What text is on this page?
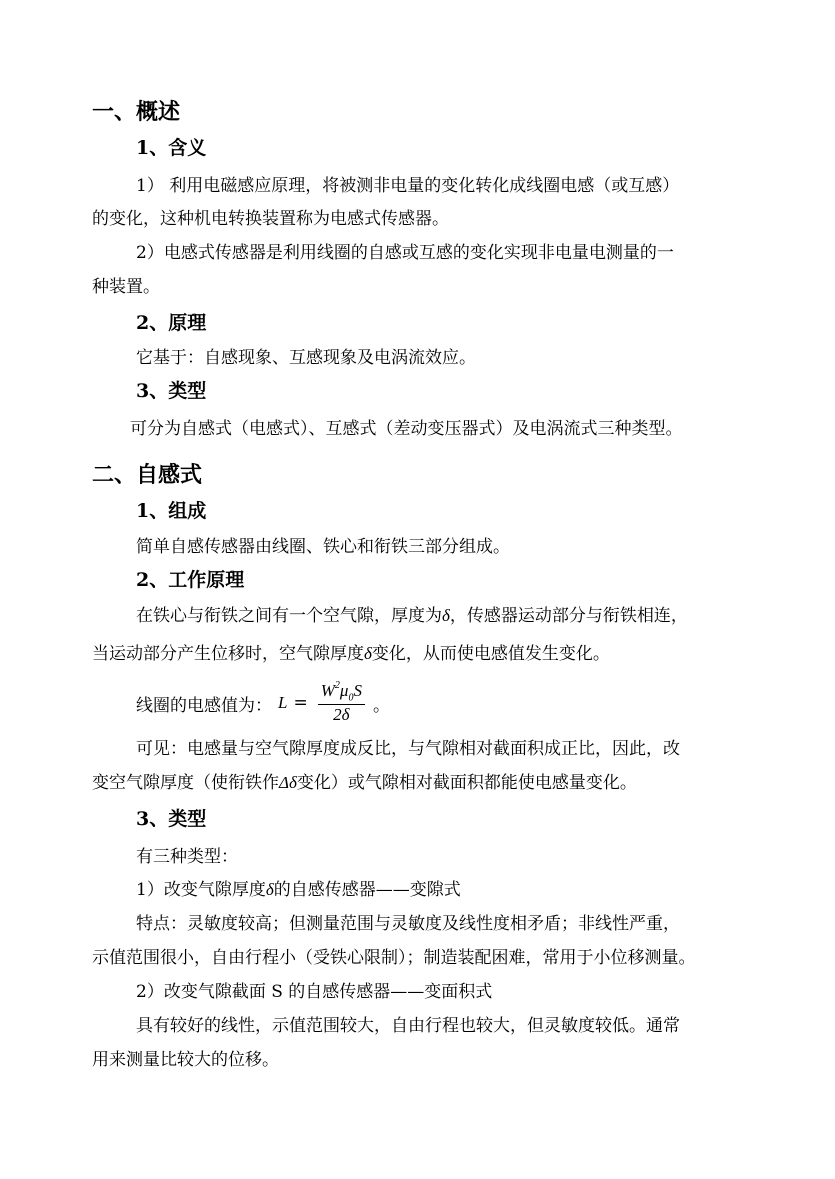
一、概述
1、含义
1） 利用电磁感应原理，将被测非电量的变化转化成线圈电感（或互感）
的变化，这种机电转换装置称为电感式传感器。
2）电感式传感器是利用线圈的自感或互感的变化实现非电量电测量的一
种装置。
2、原理
它基于：自感现象、互感现象及电涡流效应。
3、类型
可分为自感式（电感式）、互感式（差动变压器式）及电涡流式三种类型。
二、自感式
1、组成
简单自感传感器由线圈、铁心和衔铁三部分组成。
2、工作原理
在铁心与衔铁之间有一个空气隙，厚度为δ，传感器运动部分与衔铁相连，
当运动部分产生位移时，空气隙厚度δ变化，从而使电感值发生变化。
线圈的电感值为： $L = \frac{W^2\mu_0S}{2\delta}$ 。
可见：电感量与空气隙厚度成反比，与气隙相对截面积成正比，因此，改
变空气隙厚度（使衔铁作Δδ变化）或气隙相对截面积都能使电感量变化。
3、类型
有三种类型：
1）改变气隙厚度δ的自感传感器——变隙式
特点：灵敏度较高；但测量范围与灵敏度及线性度相矛盾；非线性严重，
示值范围很小，自由行程小（受铁心限制）；制造装配困难，常用于小位移测量。
2）改变气隙截面 S 的自感传感器——变面积式
具有较好的线性，示值范围较大，自由行程也较大，但灵敏度较低。通常
用来测量比较大的位移。
